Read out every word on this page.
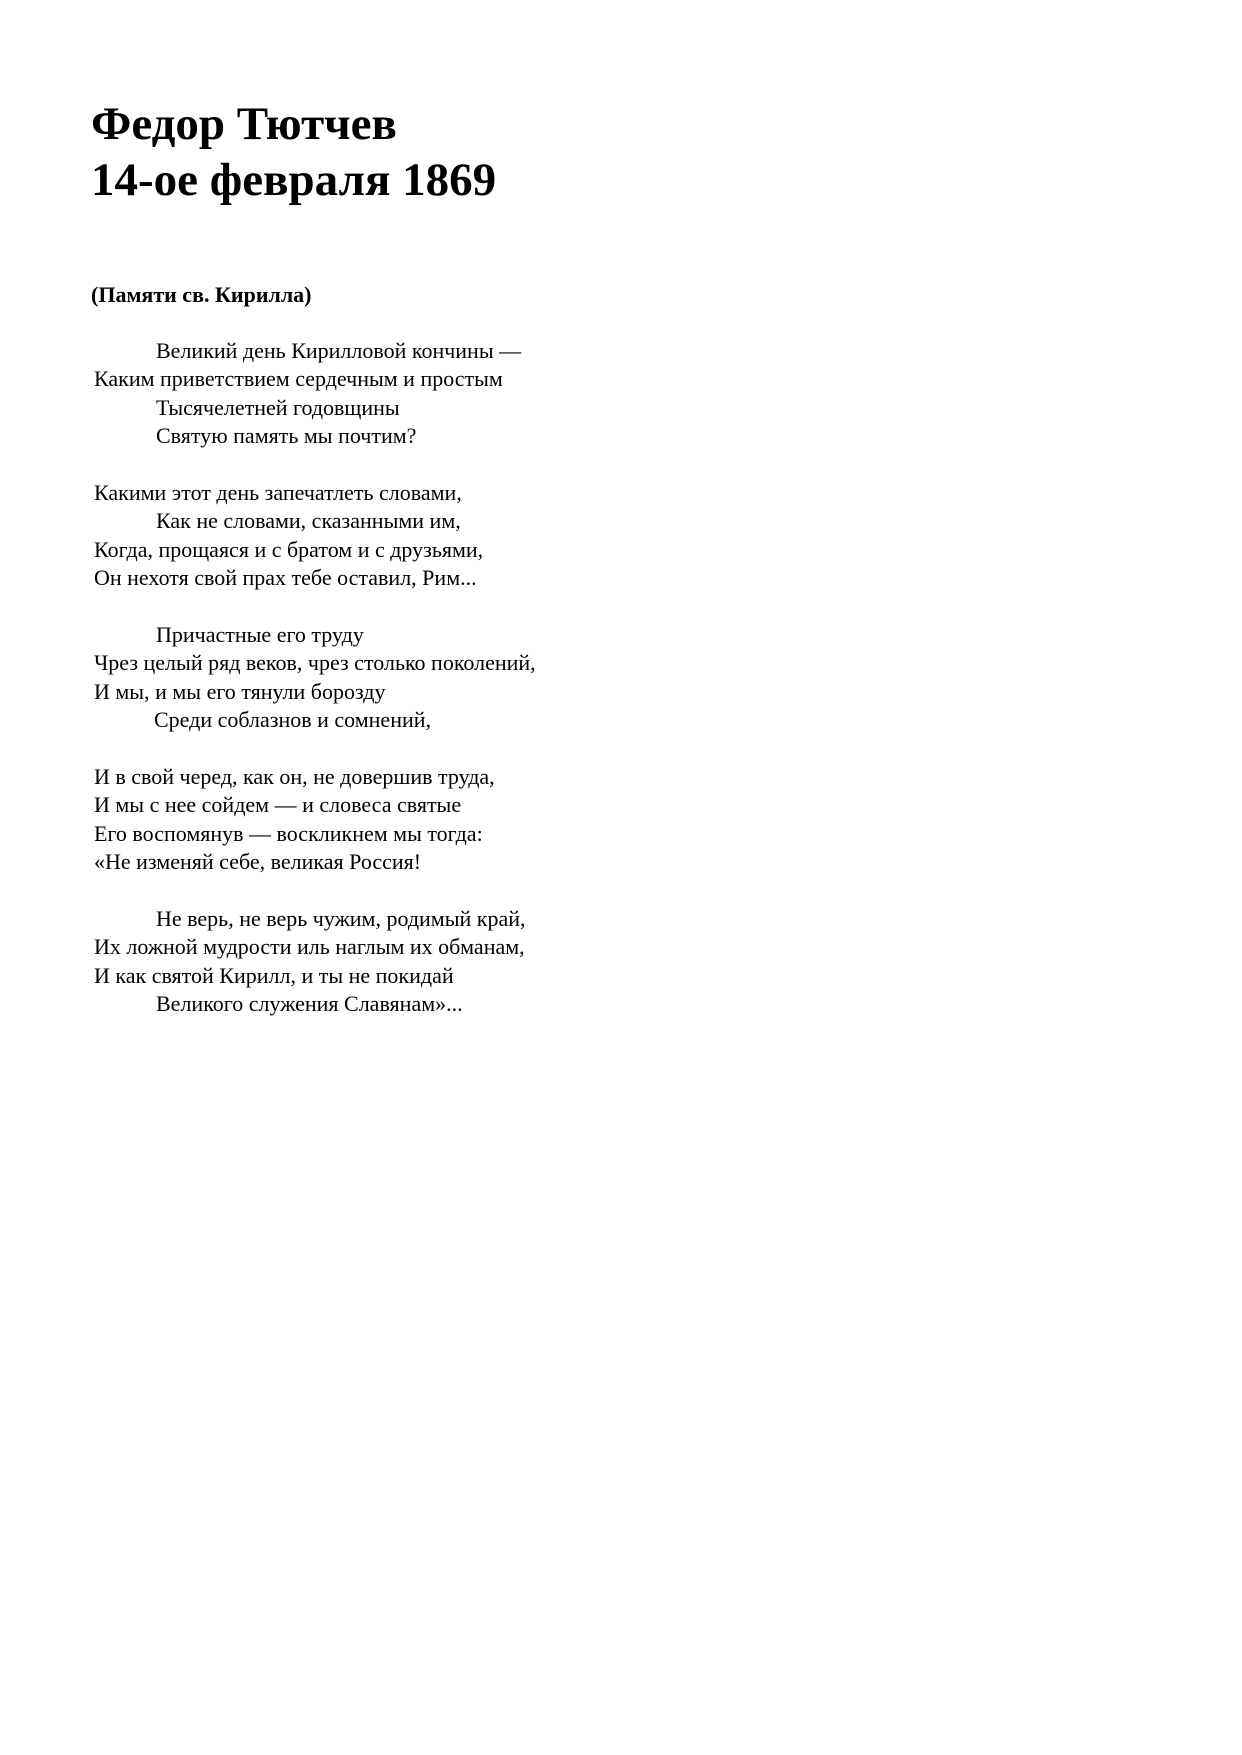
Федор Тютчев
14-ое февраля 1869

(Памяти св. Кирилла)

Великий день Кирилловой кончины —
Каким приветствием сердечным и простым
Тысячелетней годовщины
Святую память мы почтим?
Какими этот день запечатлеть словами,
Как не словами, сказанными им,
Когда, прощаяся и с братом и с друзьями,
Он нехотя свой прах тебе оставил, Рим...
Причастные его труду
Чрез целый ряд веков, чрез столько поколений,
И мы, и мы его тянули борозду
Среди соблазнов и сомнений,
И в свой черед, как он, не довершив труда,
И мы с нее сойдем — и словеса святые
Его воспомянув — воскликнем мы тогда:
«Не изменяй себе, великая Россия!
Не верь, не верь чужим, родимый край,
Их ложной мудрости иль наглым их обманам,
И как святой Кирилл, и ты не покидай
Великого служения Славянам»...
